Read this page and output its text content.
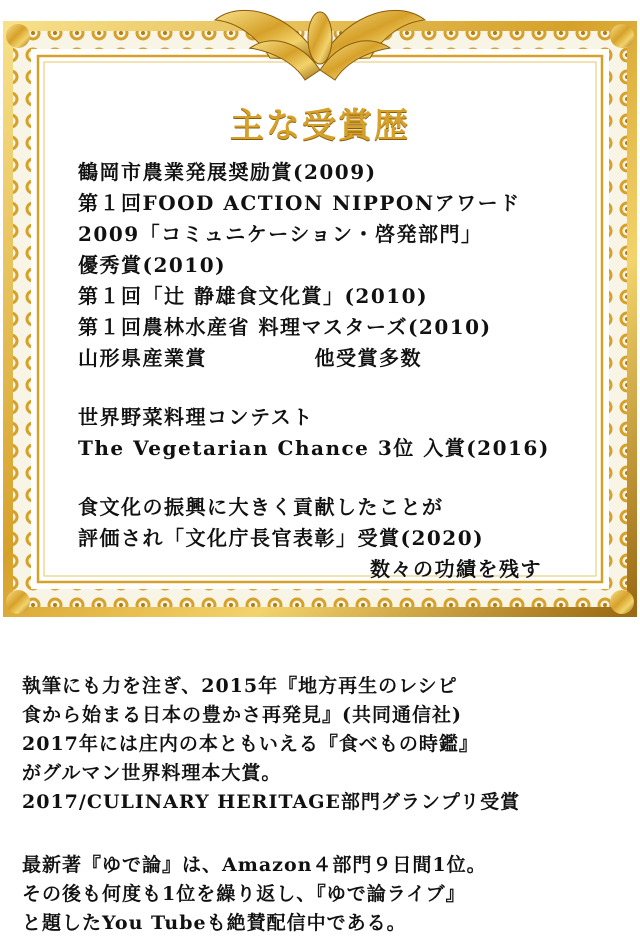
主な受賞歴
鶴岡市農業発展奨励賞(2009)
第１回FOOD ACTION NIPPONアワード
2009「コミュニケーション・啓発部門」
優秀賞(2010)
第１回「辻 静雄食文化賞」(2010)
第１回農林水産省 料理マスターズ(2010)
山形県産業賞　　　　　他受賞多数
世界野菜料理コンテスト
The Vegetarian Chance 3位 入賞(2016)
食文化の振興に大きく貢献したことが
評価され「文化庁長官表彰」受賞(2020)
数々の功績を残す
執筆にも力を注ぎ、2015年『地方再生のレシピ
食から始まる日本の豊かさ再発見』(共同通信社)
2017年には庄内の本ともいえる『食べもの時鑑』
がグルマン世界料理本大賞。
2017/CULINARY HERITAGE部門グランプリ受賞
最新著『ゆで論』は、Amazon４部門９日間1位。
その後も何度も1位を繰り返し、『ゆで論ライブ』
と題したYou Tubeも絶賛配信中である。
